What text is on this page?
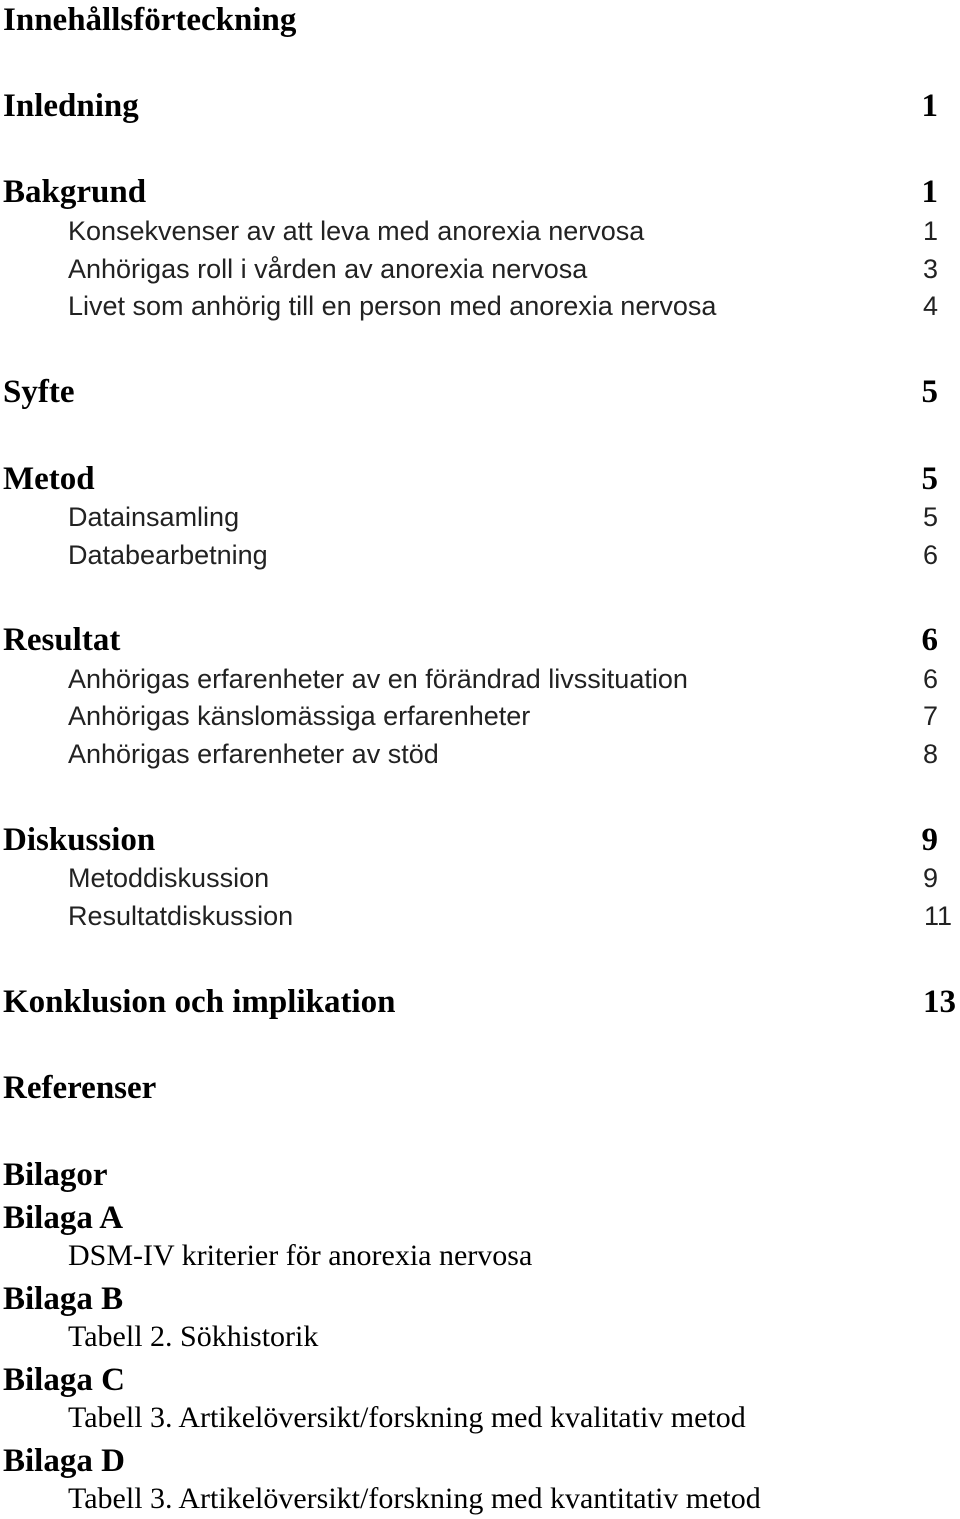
Innehållsförteckning
Inledning	1
Bakgrund	1
Konsekvenser av att leva med anorexia nervosa	1
Anhörigas roll i vården av anorexia nervosa	3
Livet som anhörig till en person med anorexia nervosa	4
Syfte	5
Metod	5
Datainsamling	5
Databearbetning	6
Resultat	6
Anhörigas erfarenheter av en förändrad livssituation	6
Anhörigas känslomässiga erfarenheter	7
Anhörigas erfarenheter av stöd	8
Diskussion	9
Metoddiskussion	9
Resultatdiskussion	11
Konklusion och implikation	13
Referenser
Bilagor
Bilaga A
DSM-IV kriterier för anorexia nervosa
Bilaga B
Tabell 2. Sökhistorik
Bilaga C
Tabell 3. Artikelöversikt/forskning med kvalitativ metod
Bilaga D
Tabell 3. Artikelöversikt/forskning med kvantitativ metod
